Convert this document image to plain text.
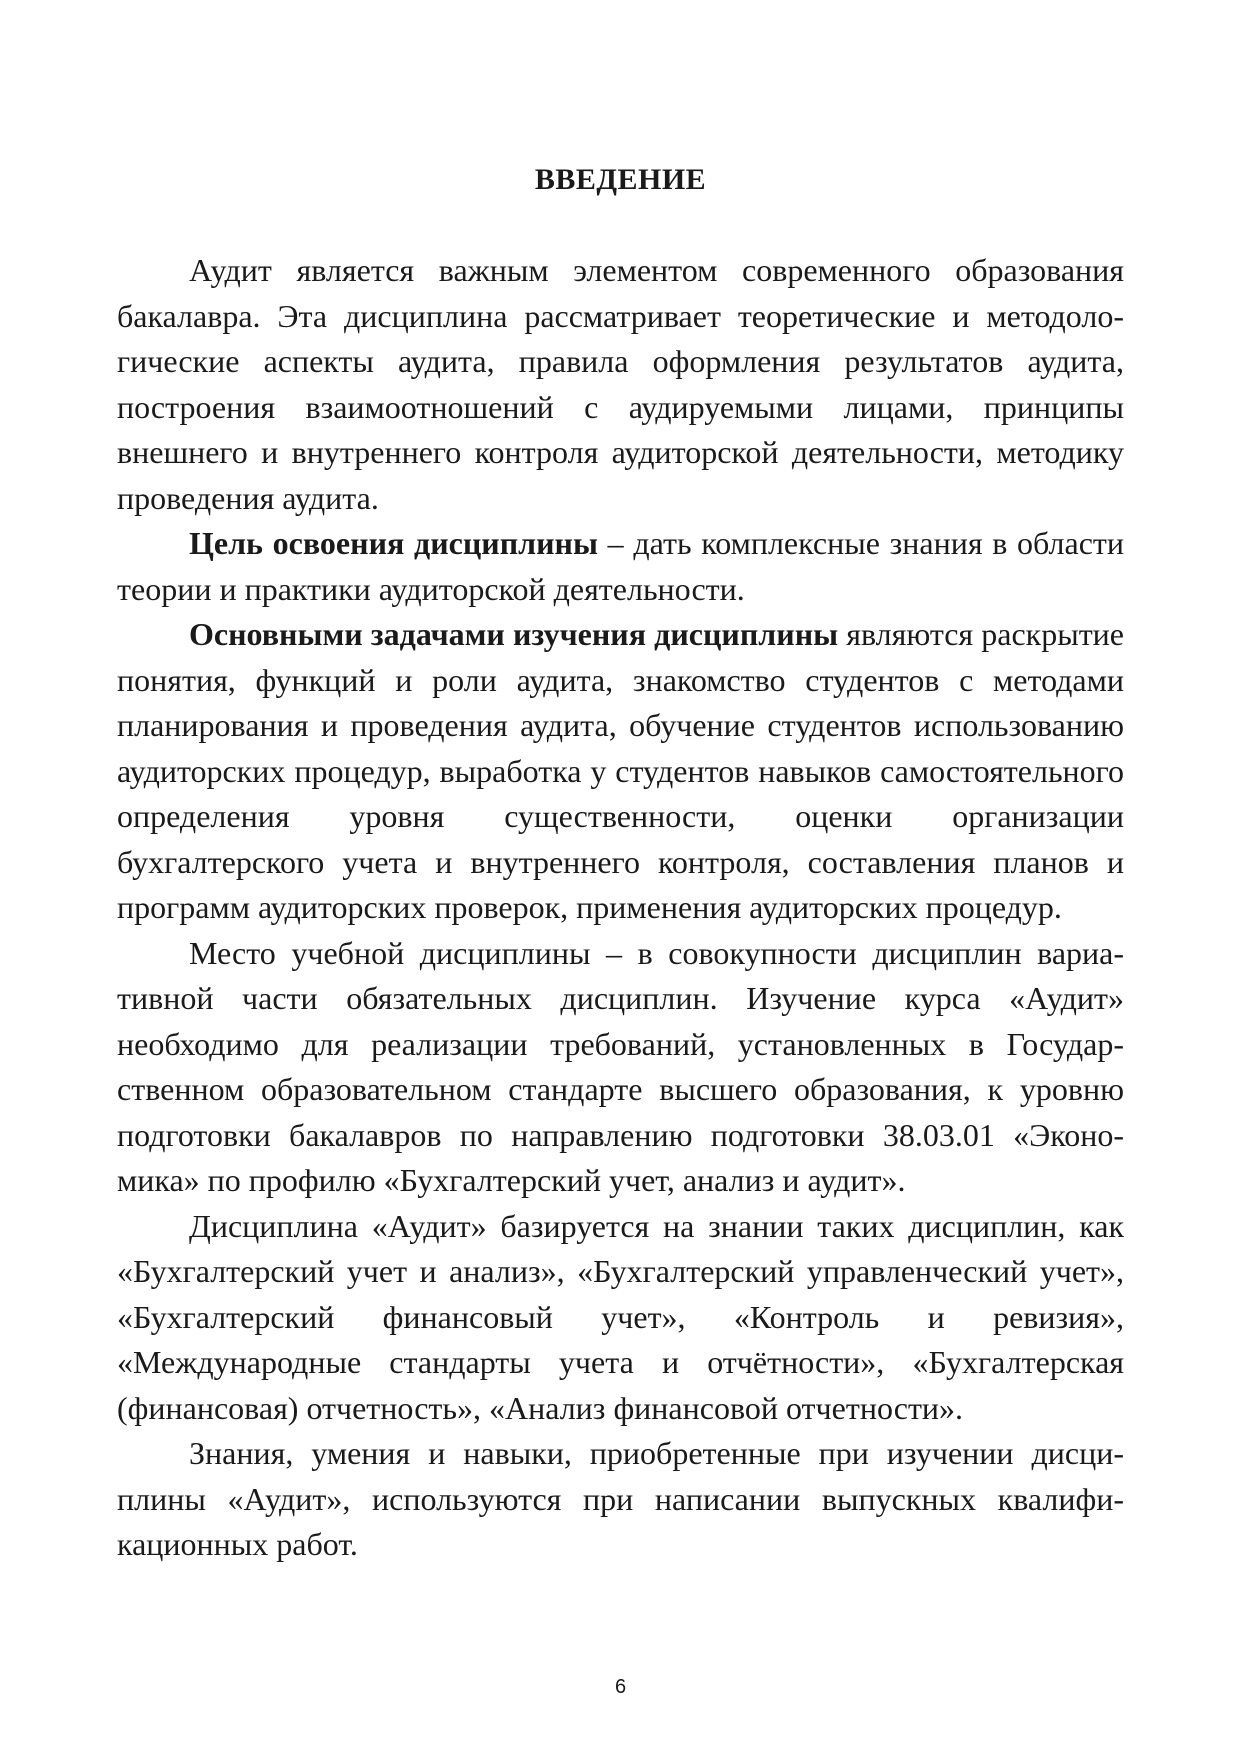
ВВЕДЕНИЕ

Аудит является важным элементом современного образования бакалавра. Эта дисциплина рассматривает теоретические и методологические аспекты аудита, правила оформления результатов аудита, построения взаимоотношений с аудируемыми лицами, принципы внешнего и внутреннего контроля аудиторской деятельности, методику проведения аудита.

Цель освоения дисциплины – дать комплексные знания в области теории и практики аудиторской деятельности.

Основными задачами изучения дисциплины являются раскрытие понятия, функций и роли аудита, знакомство студентов с методами планирования и проведения аудита, обучение студентов использованию аудиторских процедур, выработка у студентов навыков самостоятельного определения уровня существенности, оценки организации бухгалтерского учета и внутреннего контроля, составления планов и программ аудиторских проверок, применения аудиторских процедур.

Место учебной дисциплины – в совокупности дисциплин вариативной части обязательных дисциплин. Изучение курса «Аудит» необходимо для реализации требований, установленных в Государственном образовательном стандарте высшего образования, к уровню подготовки бакалавров по направлению подготовки 38.03.01 «Экономика» по профилю «Бухгалтерский учет, анализ и аудит».

Дисциплина «Аудит» базируется на знании таких дисциплин, как «Бухгалтерский учет и анализ», «Бухгалтерский управленческий учет», «Бухгалтерский финансовый учет», «Контроль и ревизия», «Международные стандарты учета и отчётности», «Бухгалтерская (финансовая) отчетность», «Анализ финансовой отчетности».

Знания, умения и навыки, приобретенные при изучении дисциплины «Аудит», используются при написании выпускных квалификационных работ.

6
